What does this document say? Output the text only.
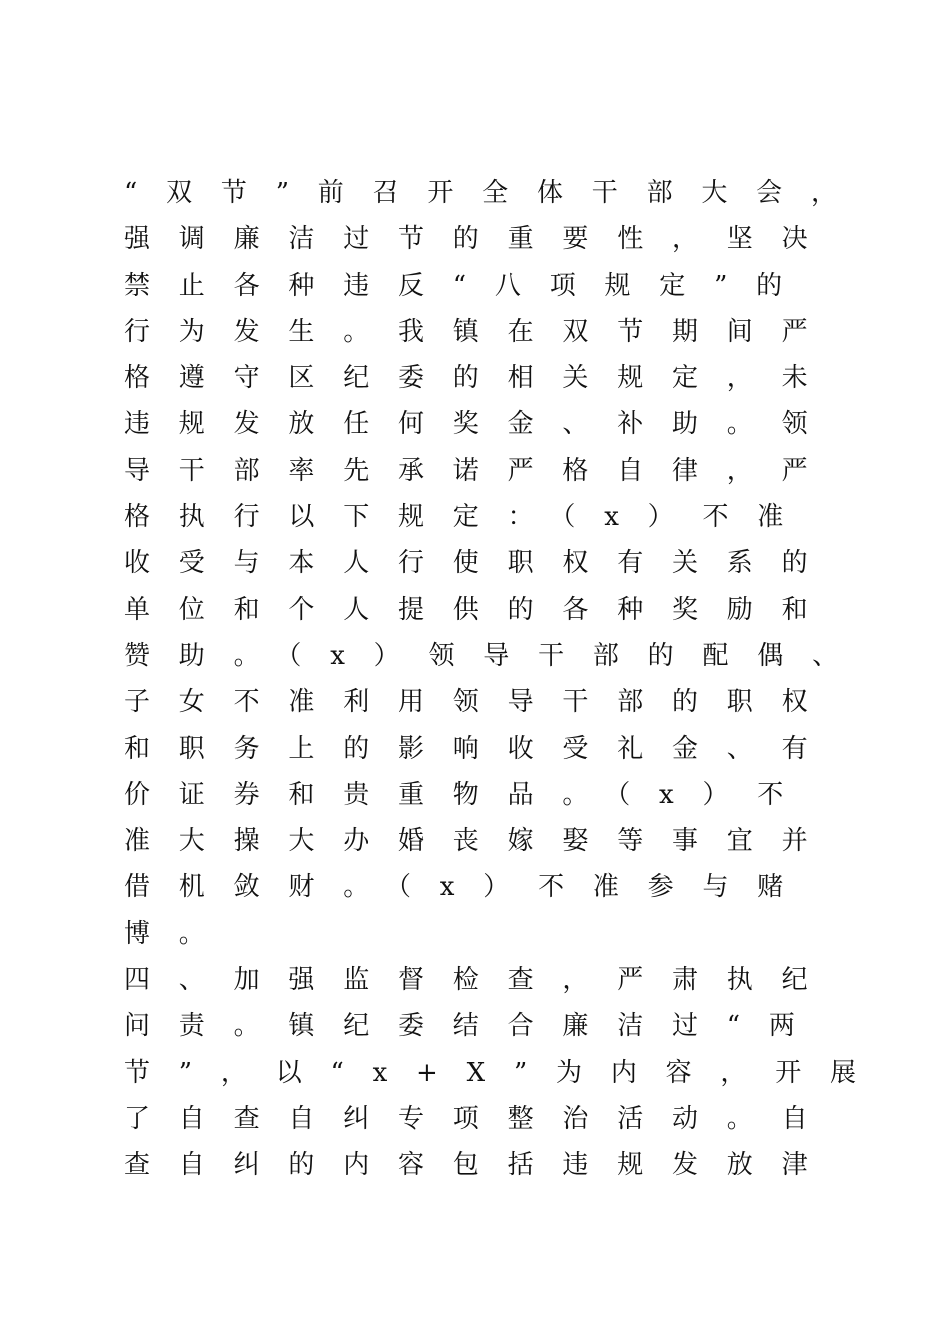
“双节”前召开全体干部大会，
强调廉洁过节的重要性，坚决
禁止各种违反“八项规定”的
行为发生。我镇在双节期间严
格遵守区纪委的相关规定，未
违规发放任何奖金、补助。领
导干部率先承诺严格自律，严
格执行以下规定：（x）不准
收受与本人行使职权有关系的
单位和个人提供的各种奖励和
赞助。（x）领导干部的配偶、
子女不准利用领导干部的职权
和职务上的影响收受礼金、有
价证券和贵重物品。（x）不
准大操大办婚丧嫁娶等事宜并
借机敛财。（x）不准参与赌
博。
四、加强监督检查，严肃执纪
问责。镇纪委结合廉洁过“两
节”，以“x+X”为内容，开展
了自查自纠专项整治活动。自
查自纠的内容包括违规发放津
